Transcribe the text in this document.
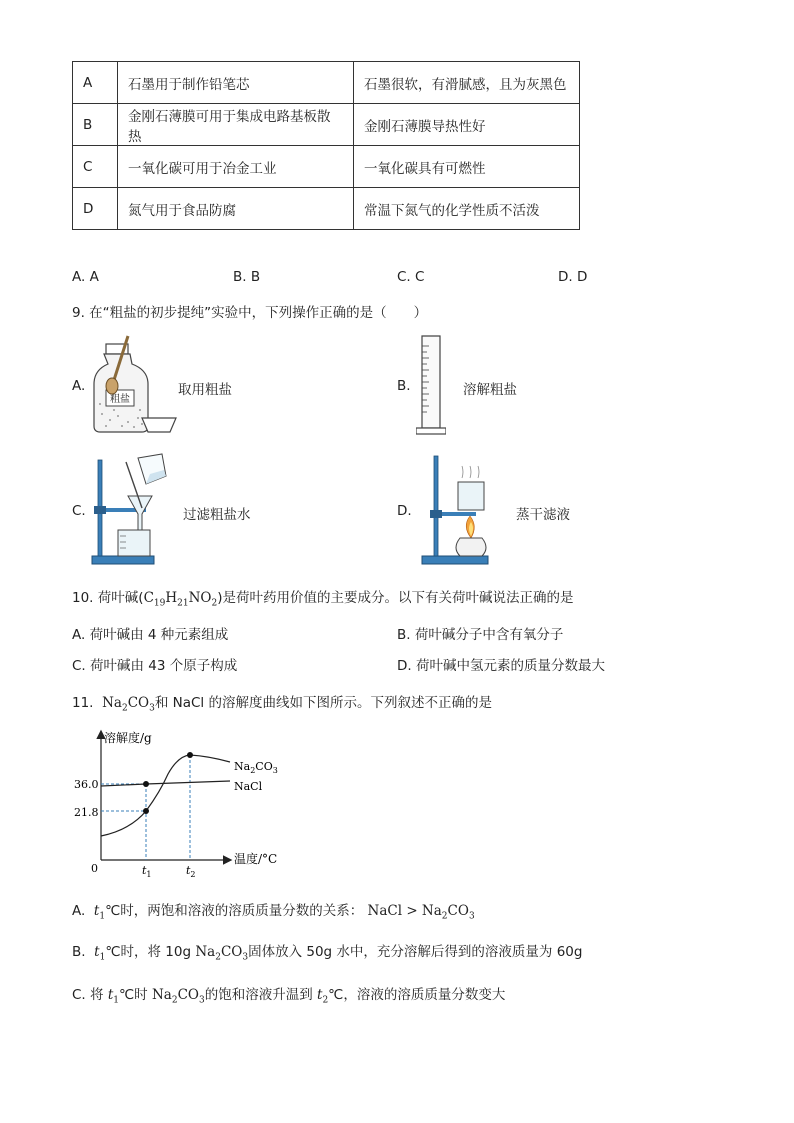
A	石墨用于制作铅笔芯	石墨很软，有滑腻感，且为灰黑色
B	金刚石薄膜可用于集成电路基板散热	金刚石薄膜导热性好
C	一氧化碳可用于冶金工业	一氧化碳具有可燃性
D	氮气用于食品防腐	常温下氮气的化学性质不活泼
A. A	B. B	C. C	D. D
9. 在“粗盐的初步提纯”实验中，下列操作正确的是（　　）
A.
粗盐
取用粗盐	B.	溶解粗盐
C.	过滤粗盐水	D.	蒸干滤液
10. 荷叶碱$(C_{19}H_{21}NO_2)$是荷叶药用价值的主要成分。以下有关荷叶碱说法正确的是
A. 荷叶碱由 4 种元素组成	B. 荷叶碱分子中含有氧分子
C. 荷叶碱由 43 个原子构成	D. 荷叶碱中氢元素的质量分数最大
11. $Na_2CO_3$和 NaCl 的溶解度曲线如下图所示。下列叙述不正确的是
溶解度/g
温度/°C
0
36.0
21.8
$t_1$	$t_2$
$Na_2CO_3$
NaCl
A. $t_1℃$时，两饱和溶液的溶质质量分数的关系： NaCl > $Na_2CO_3$
B. $t_1℃$时，将 10g $Na_2CO_3$固体放入 50g 水中，充分溶解后得到的溶液质量为 60g
C. 将 $t_1℃$时 $Na_2CO_3$的饱和溶液升温到 $t_2℃$，溶液的溶质质量分数变大
